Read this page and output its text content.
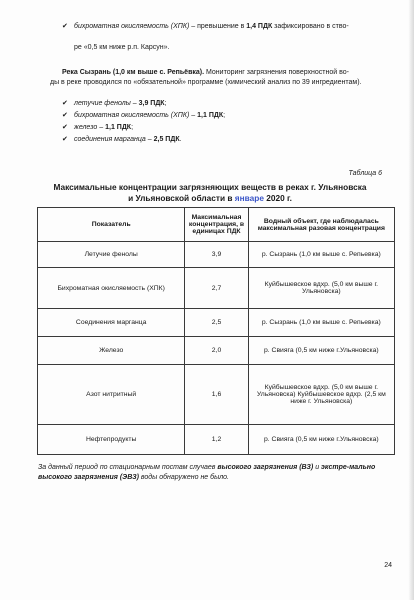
✔ бихроматная окисляемость (ХПК) – превышение в 1,4 ПДК зафиксировано в ство-
ре «0,5 км ниже р.п. Карсун».
Река Сызрань (1,0 км выше с. Репьёвка). Мониторинг загрязнения поверхностной во-
ды в реке проводился по «обязательной» программе (химический анализ по 39 ингредиентам).
✔ летучие фенолы – 3,9 ПДК;
✔ бихроматная окисляемость (ХПК) – 1,1 ПДК;
✔ железо – 1,1 ПДК;
✔ соединения марганца – 2,5 ПДК.
Таблица 6
Максимальные концентрации загрязняющих веществ в реках г. Ульяновска
и Ульяновской области в январе 2020 г.
Показатель	Максимальная концентрация, в единицах ПДК	Водный объект, где наблюдалась максимальная разовая концентрация
Летучие фенолы	3,9	р. Сызрань (1,0 км выше с. Репьевка)
Бихроматная окисляемость (ХПК)	2,7	Куйбышевское вдхр. (5,0 км выше г. Ульяновска)
Соединения марганца	2,5	р. Сызрань (1,0 км выше с. Репьевка)
Железо	2,0	р. Свияга (0,5 км ниже г.Ульяновска)
Азот нитритный	1,6	Куйбышевское вдхр. (5,0 км выше г. Ульяновска) Куйбышевское вдхр. (2,5 км ниже г. Ульяновска)
Нефтепродукты	1,2	р. Свияга (0,5 км ниже г.Ульяновска)
За данный период по стационарным постам случаев высокого загрязнения (ВЗ) и экстре-мально высокого загрязнения (ЭВЗ) воды обнаружено не было.
24
